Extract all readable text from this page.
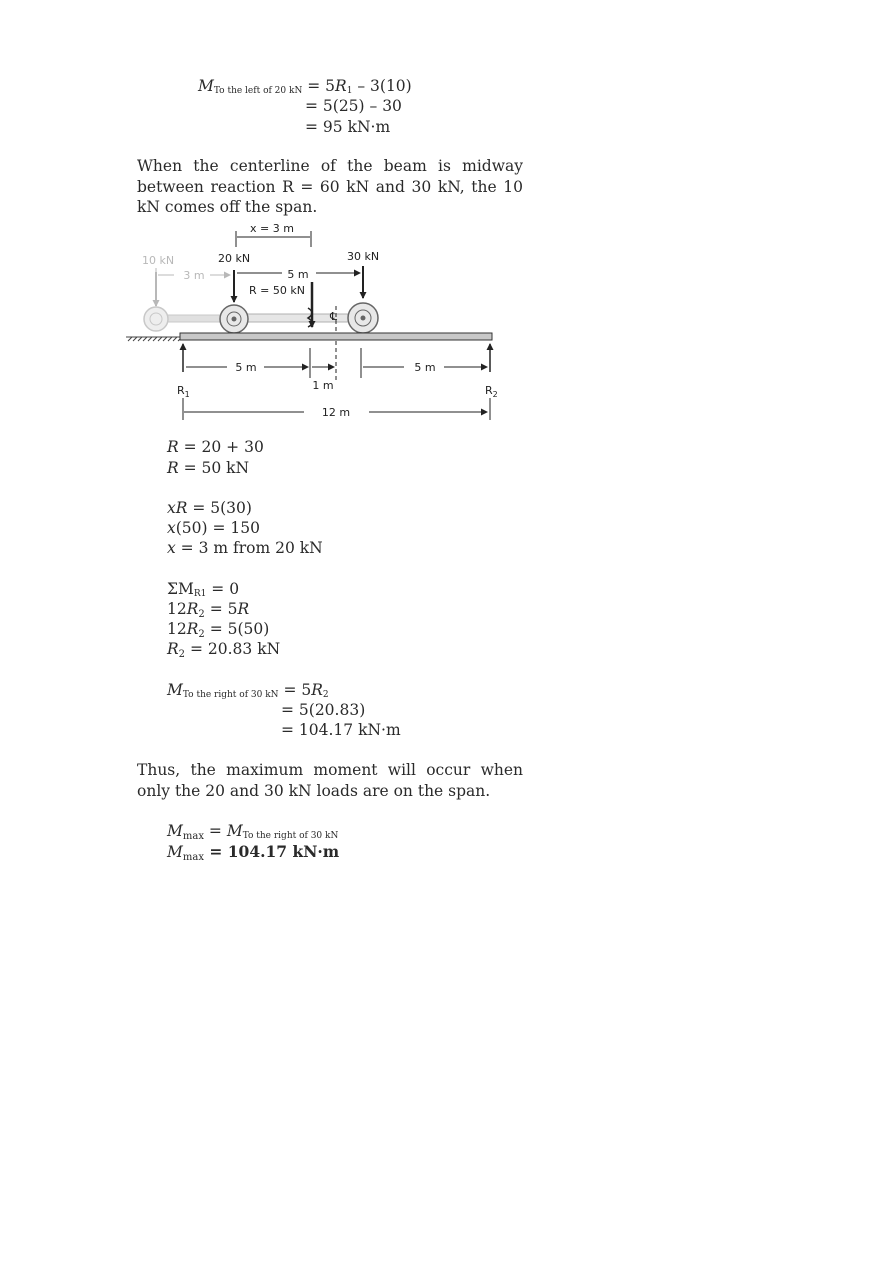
$M_{To the left of 20 kN} = 5R_1 - 3(10)$
= 5(25) – 30
= 95 kN·m
When the centerline of the beam is midway between reaction R = 60 kN and 30 kN, the 10 kN comes off the span.
x = 3 m
10 kN	20 kN	30 kN
3 m	5 m
R = 50 kN
℄
$R_1$	$R_2$
5 m	5 m
1 m
12 m
R = 20 + 30
R = 50 kN
xR = 5(30)
x(50) = 150
x = 3 m from 20 kN
$\Sigma M_{R1} = 0$
12R2 = 5R
12R2 = 5(50)
R2 = 20.83 kN
$M_{To the right of 30 kN} = 5R_2$
= 5(20.83)
= 104.17 kN·m
Thus, the maximum moment will occur when only the 20 and 30 kN loads are on the span.
$Mmax = M_{To the right of 30 kN}$
Mmax = 104.17 kN·m
